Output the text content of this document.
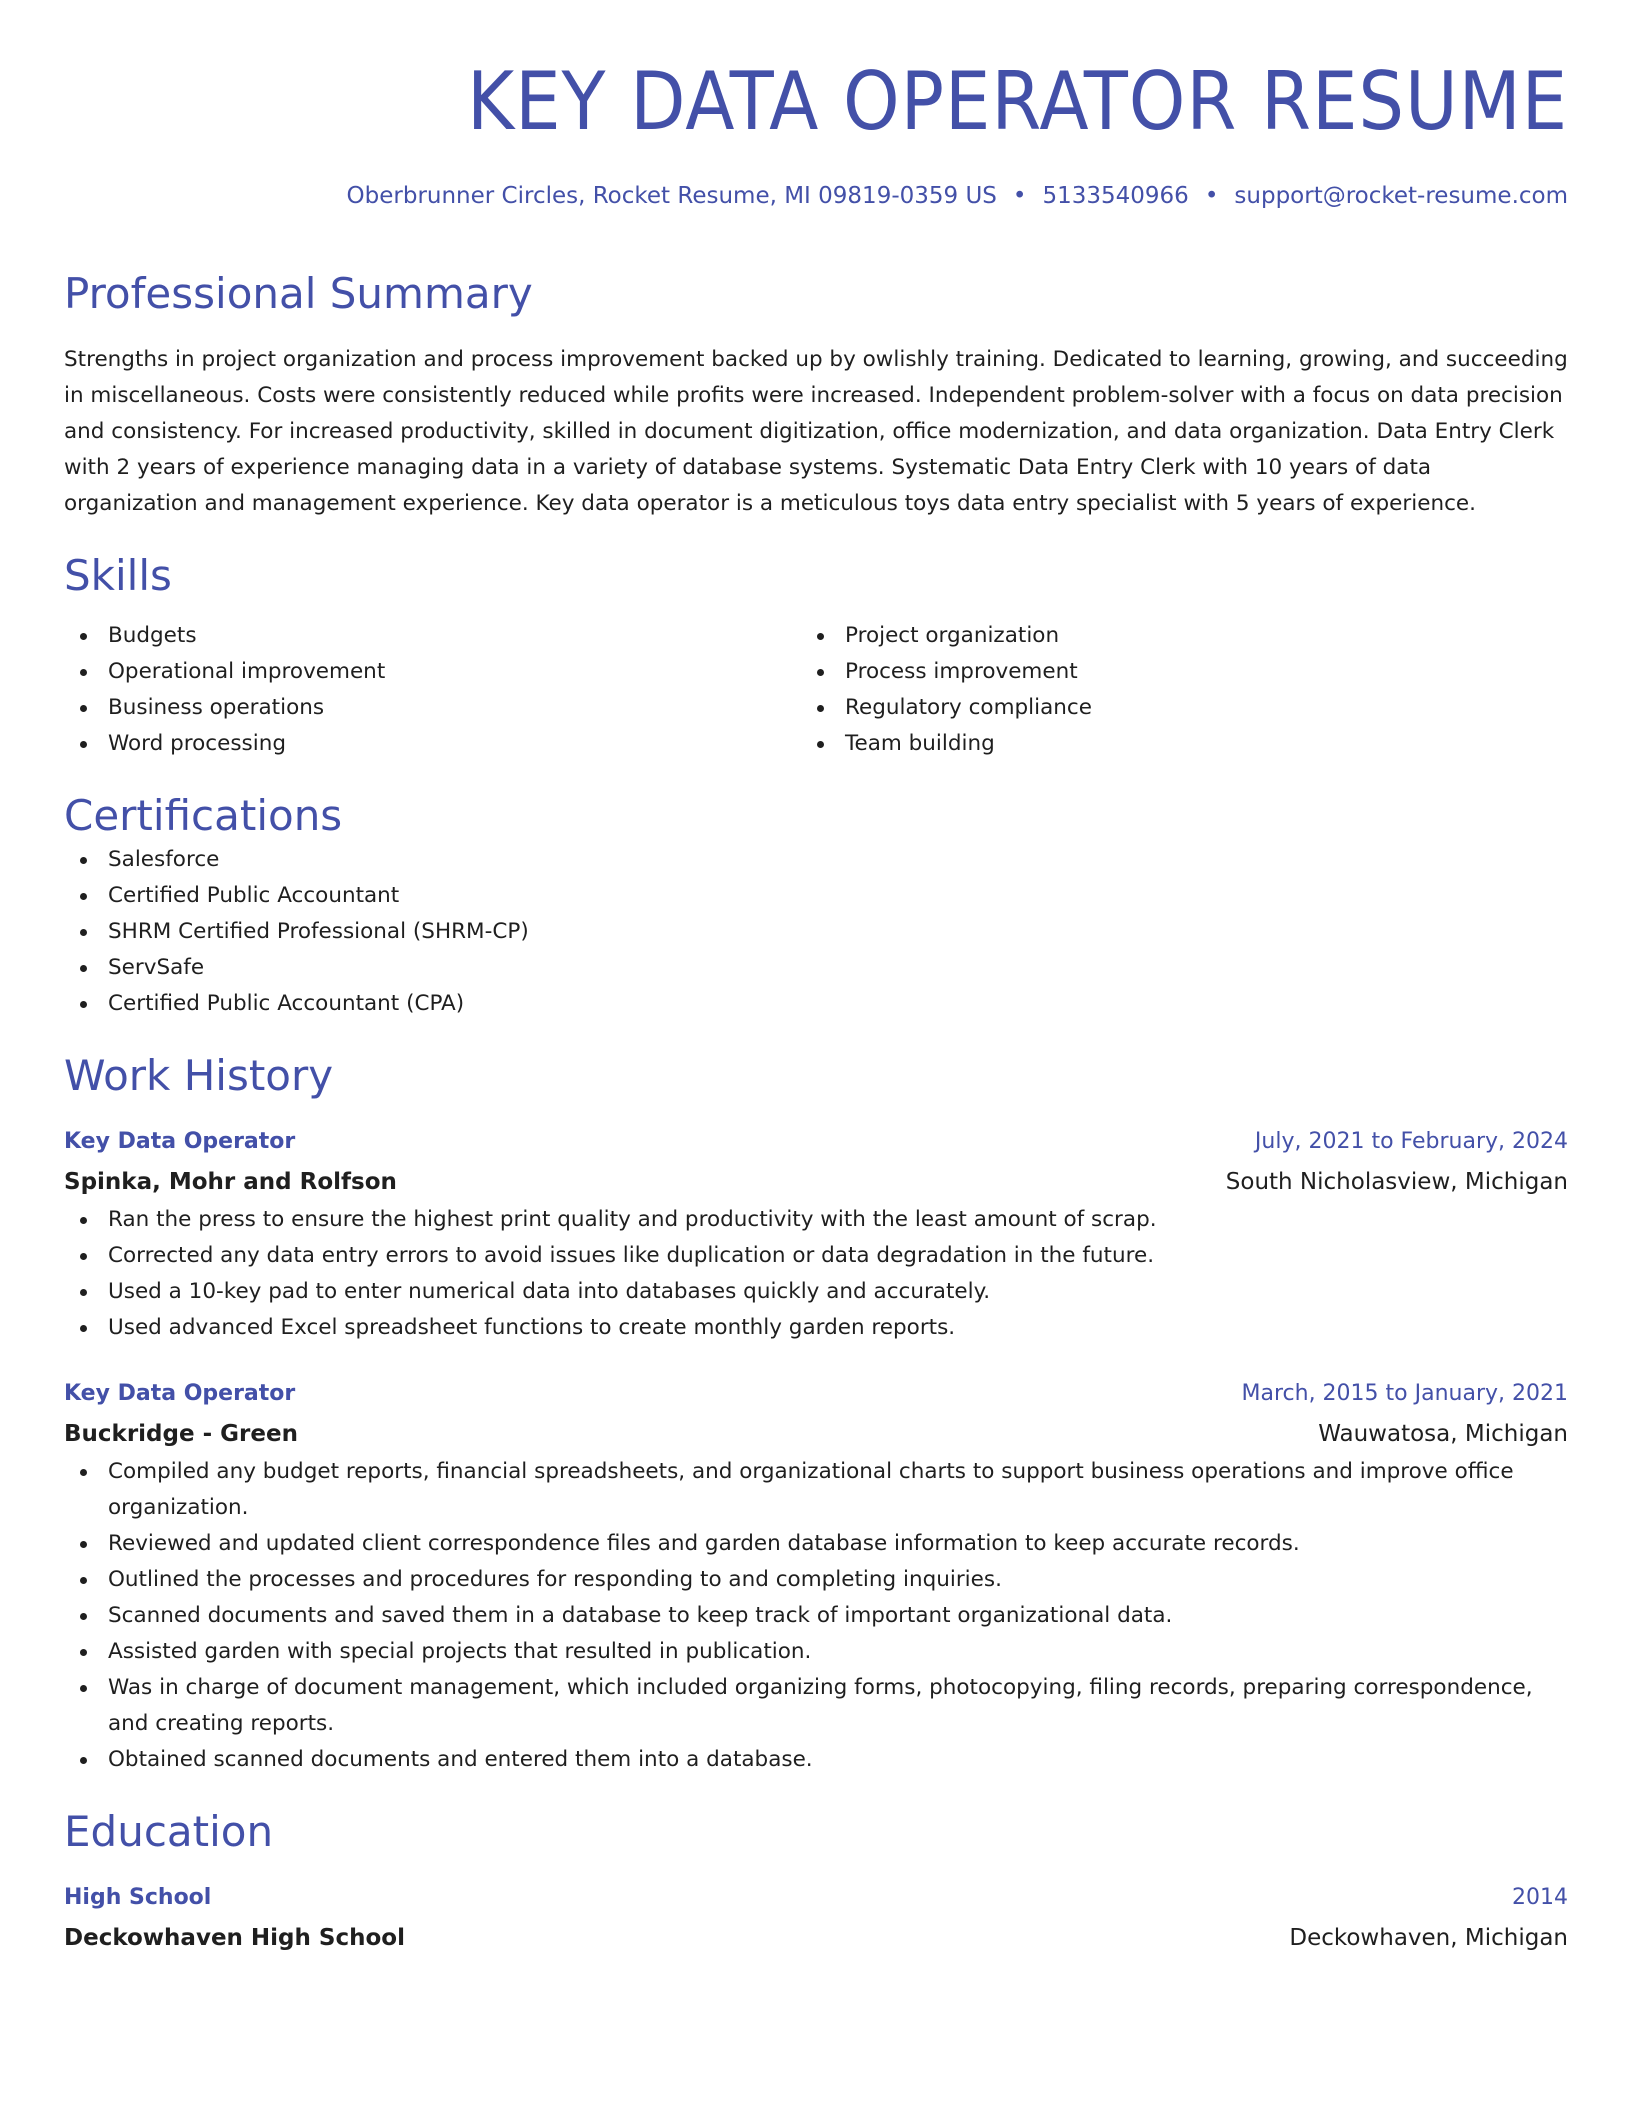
KEY DATA OPERATOR RESUME
Oberbrunner Circles, Rocket Resume, MI 09819-0359 US • 5133540966 • support@rocket-resume.com
Professional Summary

Strengths in project organization and process improvement backed up by owlishly training. Dedicated to learning, growing, and succeeding in miscellaneous. Costs were consistently reduced while profits were increased. Independent problem-solver with a focus on data precision and consistency. For increased productivity, skilled in document digitization, office modernization, and data organization. Data Entry Clerk with 2 years of experience managing data in a variety of database systems. Systematic Data Entry Clerk with 10 years of data organization and management experience. Key data operator is a meticulous toys data entry specialist with 5 years of experience.

Skills
Budgets
Operational improvement
Business operations
Word processing
Project organization
Process improvement
Regulatory compliance
Team building
Certifications
Salesforce
Certified Public Accountant
SHRM Certified Professional (SHRM-CP)
ServSafe
Certified Public Accountant (CPA)
Work History
Key Data Operator	July, 2021 to February, 2024
Spinka, Mohr and Rolfson	South Nicholasview, Michigan
Ran the press to ensure the highest print quality and productivity with the least amount of scrap.
Corrected any data entry errors to avoid issues like duplication or data degradation in the future.
Used a 10-key pad to enter numerical data into databases quickly and accurately.
Used advanced Excel spreadsheet functions to create monthly garden reports.
Key Data Operator	March, 2015 to January, 2021
Buckridge - Green	Wauwatosa, Michigan
Compiled any budget reports, financial spreadsheets, and organizational charts to support business operations and improve office organization.
Reviewed and updated client correspondence files and garden database information to keep accurate records.
Outlined the processes and procedures for responding to and completing inquiries.
Scanned documents and saved them in a database to keep track of important organizational data.
Assisted garden with special projects that resulted in publication.
Was in charge of document management, which included organizing forms, photocopying, filing records, preparing correspondence, and creating reports.
Obtained scanned documents and entered them into a database.
Education
High School	2014
Deckowhaven High School	Deckowhaven, Michigan
